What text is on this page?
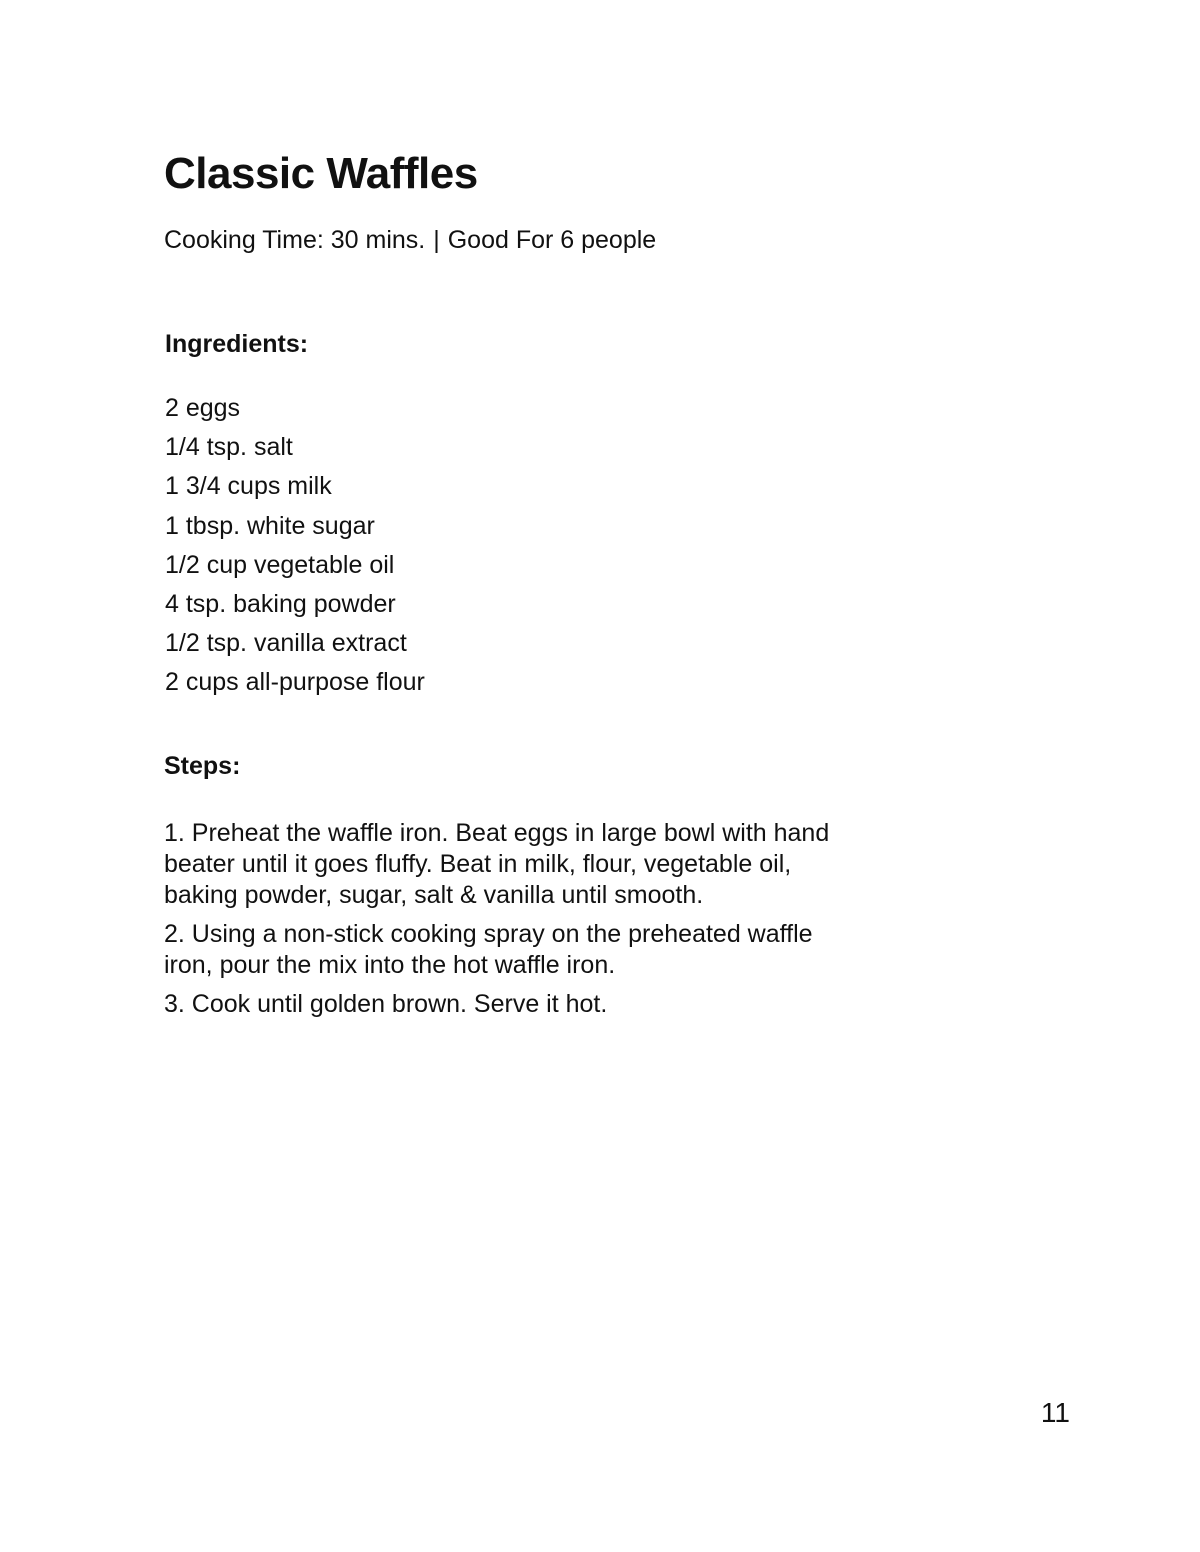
Classic Waffles
Cooking Time: 30 mins. | Good For 6 people
Ingredients:
2 eggs
1/4 tsp. salt
1 3/4 cups milk
1 tbsp. white sugar
1/2 cup vegetable oil
4 tsp. baking powder
1/2 tsp. vanilla extract
2 cups all-purpose flour
Steps:
1. Preheat the waffle iron. Beat eggs in large bowl with hand beater until it goes fluffy. Beat in milk, flour, vegetable oil, baking powder, sugar, salt & vanilla until smooth.
2. Using a non-stick cooking spray on the preheated waffle iron, pour the mix into the hot waffle iron.
3. Cook until golden brown. Serve it hot.
11
